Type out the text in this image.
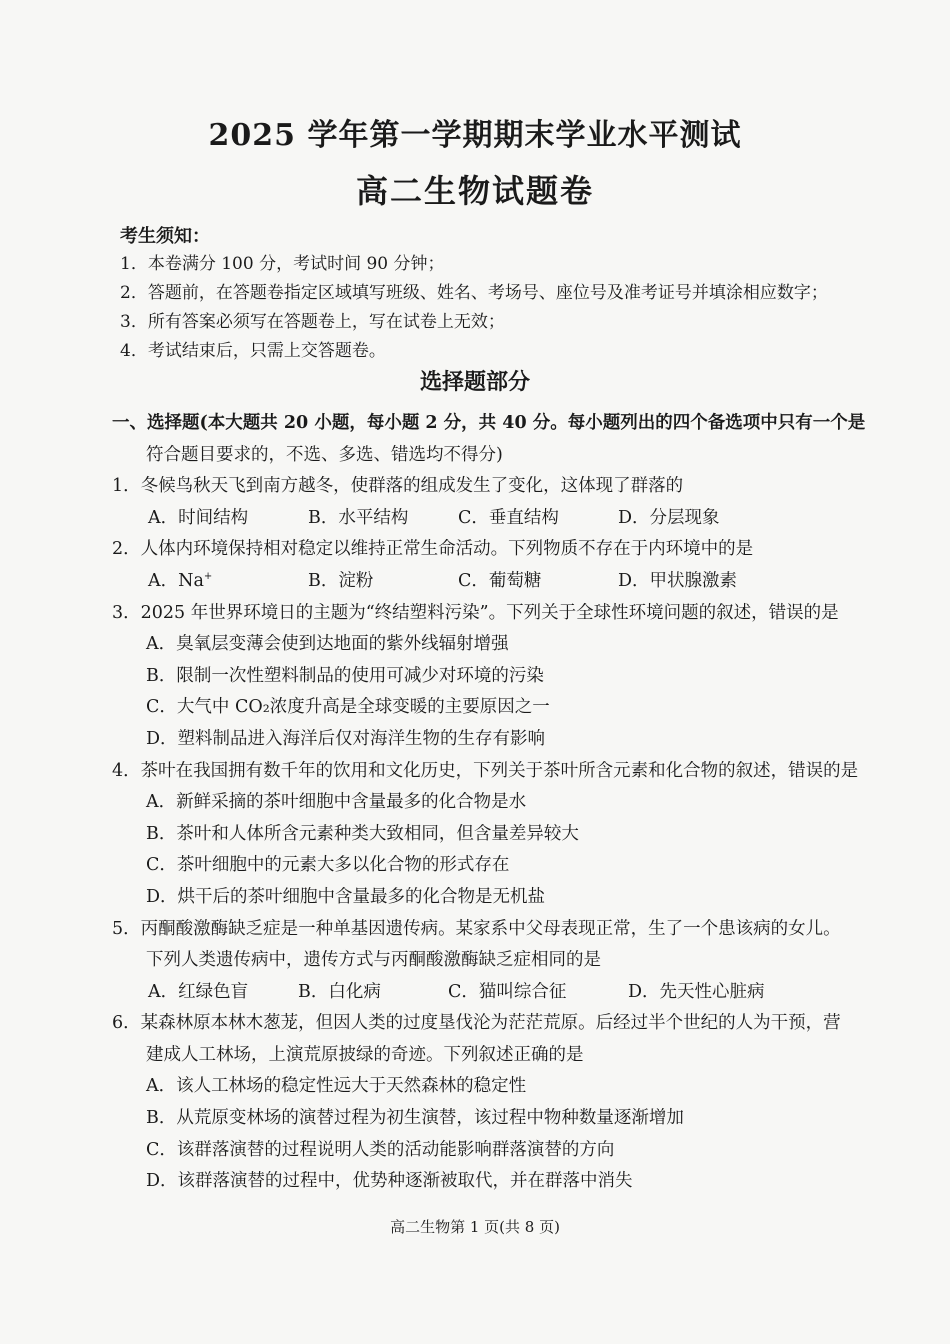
2025 学年第一学期期末学业水平测试
高二生物试题卷
考生须知：
1．本卷满分 100 分，考试时间 90 分钟；
2．答题前，在答题卷指定区域填写班级、姓名、考场号、座位号及准考证号并填涂相应数字；
3．所有答案必须写在答题卷上，写在试卷上无效；
4．考试结束后，只需上交答题卷。
选择题部分
一、选择题(本大题共 20 小题，每小题 2 分，共 40 分。每小题列出的四个备选项中只有一个是
符合题目要求的，不选、多选、错选均不得分)
1．冬候鸟秋天飞到南方越冬，使群落的组成发生了变化，这体现了群落的
A．时间结构	B．水平结构	C．垂直结构	D．分层现象
2．人体内环境保持相对稳定以维持正常生命活动。下列物质不存在于内环境中的是
A．Na+	B．淀粉	C．葡萄糖	D．甲状腺激素
3．2025 年世界环境日的主题为“终结塑料污染”。下列关于全球性环境问题的叙述，错误的是
A．臭氧层变薄会使到达地面的紫外线辐射增强
B．限制一次性塑料制品的使用可减少对环境的污染
C．大气中 CO₂浓度升高是全球变暖的主要原因之一
D．塑料制品进入海洋后仅对海洋生物的生存有影响
4．茶叶在我国拥有数千年的饮用和文化历史，下列关于茶叶所含元素和化合物的叙述，错误的是
A．新鲜采摘的茶叶细胞中含量最多的化合物是水
B．茶叶和人体所含元素种类大致相同，但含量差异较大
C．茶叶细胞中的元素大多以化合物的形式存在
D．烘干后的茶叶细胞中含量最多的化合物是无机盐
5．丙酮酸激酶缺乏症是一种单基因遗传病。某家系中父母表现正常，生了一个患该病的女儿。
下列人类遗传病中，遗传方式与丙酮酸激酶缺乏症相同的是
A．红绿色盲	B．白化病	C．猫叫综合征	D．先天性心脏病
6．某森林原本林木葱茏，但因人类的过度垦伐沦为茫茫荒原。后经过半个世纪的人为干预，营
建成人工林场，上演荒原披绿的奇迹。下列叙述正确的是
A．该人工林场的稳定性远大于天然森林的稳定性
B．从荒原变林场的演替过程为初生演替，该过程中物种数量逐渐增加
C．该群落演替的过程说明人类的活动能影响群落演替的方向
D．该群落演替的过程中，优势种逐渐被取代，并在群落中消失
高二生物第 1 页(共 8 页)
